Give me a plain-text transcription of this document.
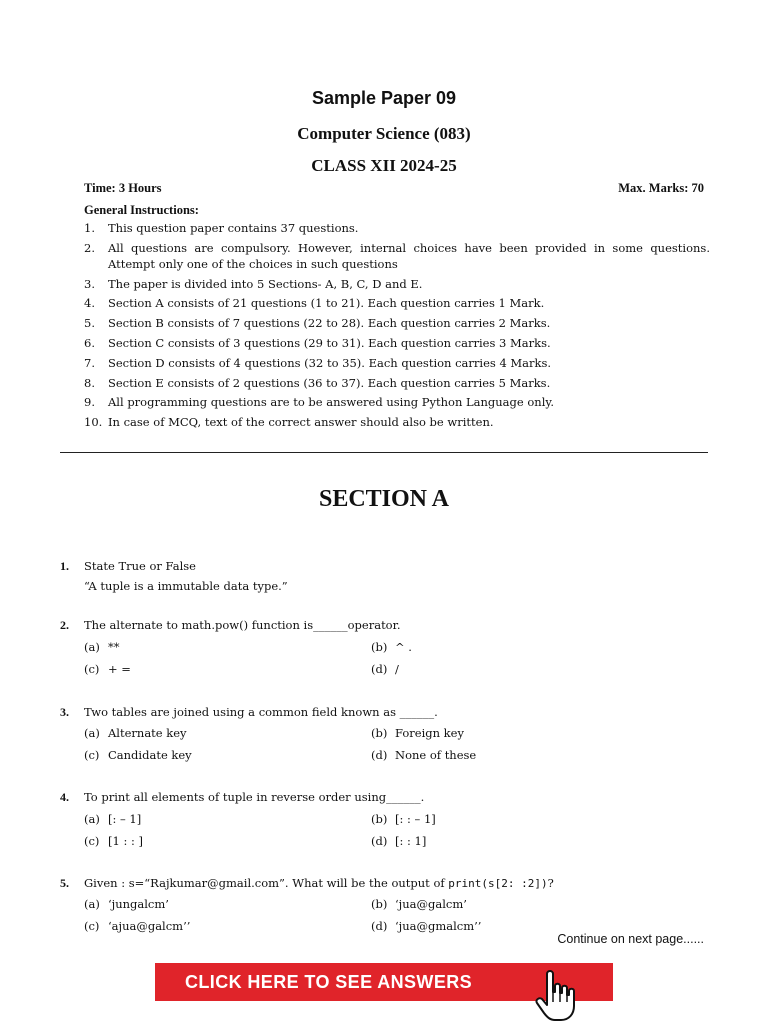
Sample Paper 09
Computer Science (083)
CLASS XII 2024-25
Time: 3 Hours	Max. Marks: 70
General Instructions:
1.	This question paper contains 37 questions.
2.	All questions are compulsory. However, internal choices have been provided in some questions. Attempt only one of the choices in such questions
3.	The paper is divided into 5 Sections- A, B, C, D and E.
4.	Section A consists of 21 questions (1 to 21). Each question carries 1 Mark.
5.	Section B consists of 7 questions (22 to 28). Each question carries 2 Marks.
6.	Section C consists of 3 questions (29 to 31). Each question carries 3 Marks.
7.	Section D consists of 4 questions (32 to 35). Each question carries 4 Marks.
8.	Section E consists of 2 questions (36 to 37). Each question carries 5 Marks.
9.	All programming questions are to be answered using Python Language only.
10. In case of MCQ, text of the correct answer should also be written.
SECTION A
1. State True or False
“A tuple is a immutable data type.”
2. The alternate to math.pow() function is______operator.
(a) **	(b) ^ .
(c) + =	(d) /
3. Two tables are joined using a common field known as ______.
(a) Alternate key	(b) Foreign key
(c) Candidate key	(d) None of these
4. To print all elements of tuple in reverse order using______.
(a) [: – 1]	(b) [: : – 1]
(c) [1 : : ]	(d) [: : 1]
5. Given : s=“Rajkumar@gmail.com”. What will be the output of print(s[2: :2])?
(a) ‘jungalcm’	(b) ‘jua@galcm’
(c) ‘ajua@galcm’’	(d) ‘jua@gmalcm’’
Continue on next page......
CLICK HERE TO SEE ANSWERS
